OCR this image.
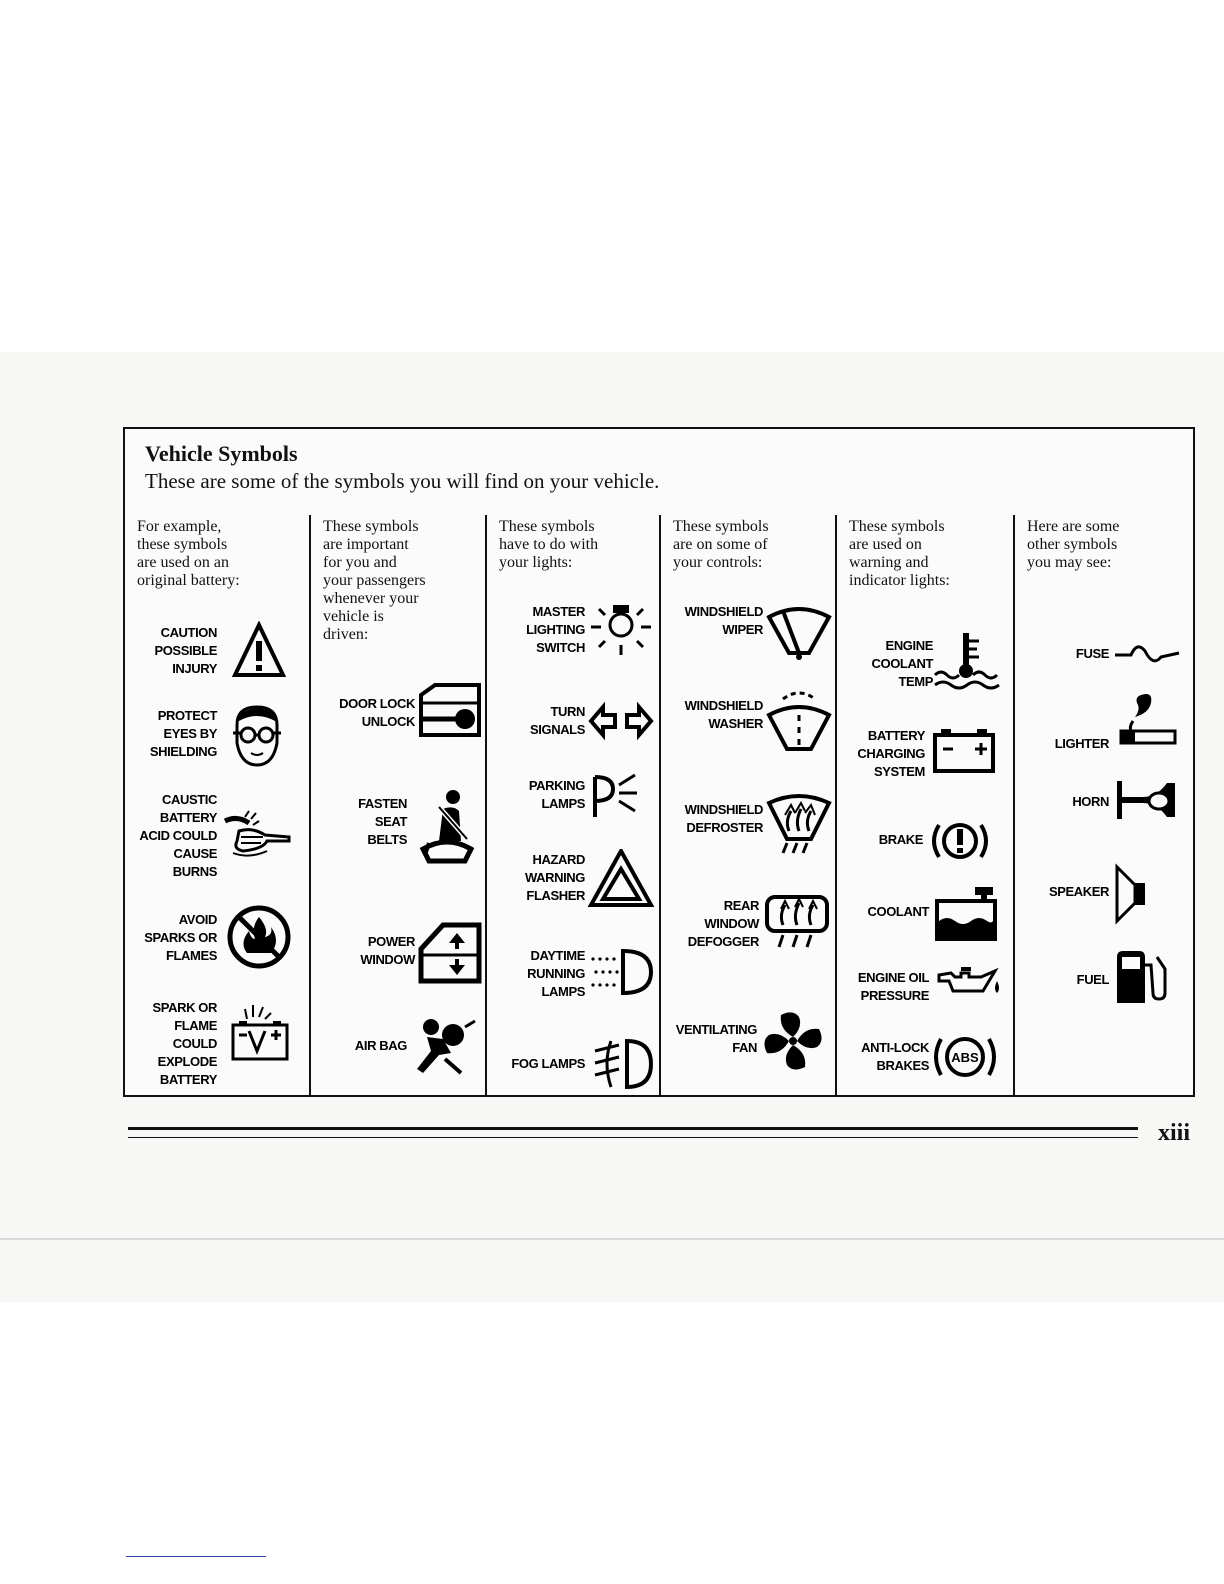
Vehicle Symbols
These are some of the symbols you will find on your vehicle.
For example,
these symbols
are used on an
original battery:
CAUTION
POSSIBLE
INJURY
PROTECT
EYES BY
SHIELDING
CAUSTIC
BATTERY
ACID COULD
CAUSE
BURNS
AVOID
SPARKS OR
FLAMES
SPARK OR
FLAME
COULD
EXPLODE
BATTERY
These symbols
are important
for you and
your passengers
whenever your
vehicle is
driven:
DOOR LOCK
UNLOCK
FASTEN
SEAT
BELTS
POWER
WINDOW
AIR BAG
These symbols
have to do with
your lights:
MASTER
LIGHTING
SWITCH
TURN
SIGNALS
PARKING
LAMPS
HAZARD
WARNING
FLASHER
DAYTIME
RUNNING
LAMPS
FOG LAMPS
These symbols
are on some of
your controls:
WINDSHIELD
WIPER
WINDSHIELD
WASHER
WINDSHIELD
DEFROSTER
REAR
WINDOW
DEFOGGER
VENTILATING
FAN
These symbols
are used on
warning and
indicator lights:
ENGINE
COOLANT
TEMP
BATTERY
CHARGING
SYSTEM
BRAKE
COOLANT
ENGINE OIL
PRESSURE
ANTI-LOCK
BRAKES
ABS
Here are some
other symbols
you may see:
FUSE
LIGHTER
HORN
SPEAKER
FUEL
xiii
